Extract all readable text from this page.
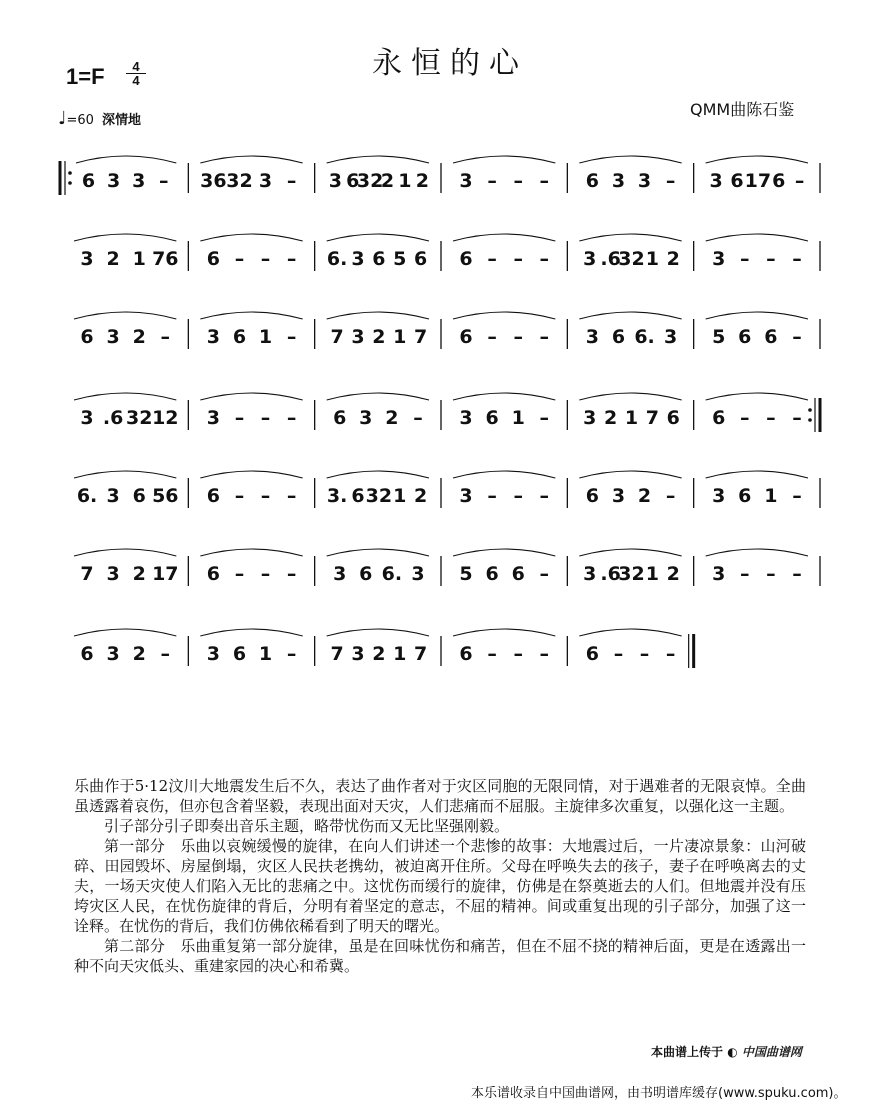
永恒的心
1=F	4
4
♩=60 深情地
QMM曲陈石鉴
6 3 3 – 36 32 3 – 3 6
32
2 1 2 3 – – – 6 3 3 – 3 6 17 6 –
3 2 1 76 6 – – – 6. 3 6 5 6 6 – – – 3 .6
32 1 2 3 – – –
6 3 2 – 3 6 1 – 7 3 2 1 7 6 – – – 3 6 6. 3 5 6 6 –
3 .6 32 12 3 – – – 6 3 2 – 3 6 1 – 3 2 1 7 6 6 – – –
6. 3 6 56 6 – – – 3. 6 32 1 2 3 – – – 6 3 2 – 3 6 1 –
7 3 2 17 6 – – – 3 6 6. 3 5 6 6 – 3 .6
32 1 2 3 – – –
6 3 2 – 3 6 1 – 7 3 2 1 7 6 – – – 6 – – –

乐曲作于5·12汶川大地震发生后不久，表达了曲作者对于灾区同胞的无限同情，对于遇难者的无限哀悼。全曲虽透露着哀伤，但亦包含着坚毅，表现出面对天灾，人们悲痛而不屈服。主旋律多次重复，以强化这一主题。

引子部分引子即奏出音乐主题，略带忧伤而又无比坚强刚毅。

第一部分　乐曲以哀婉缓慢的旋律，在向人们讲述一个悲惨的故事：大地震过后，一片凄凉景象：山河破碎、田园毁坏、房屋倒塌，灾区人民扶老携幼，被迫离开住所。父母在呼唤失去的孩子，妻子在呼唤离去的丈夫，一场天灾使人们陷入无比的悲痛之中。这忧伤而缓行的旋律，仿佛是在祭奠逝去的人们。但地震并没有压垮灾区人民，在忧伤旋律的背后，分明有着坚定的意志，不屈的精神。间或重复出现的引子部分，加强了这一诠释。在忧伤的背后，我们仿佛依稀看到了明天的曙光。

第二部分　乐曲重复第一部分旋律，虽是在回味忧伤和痛苦，但在不屈不挠的精神后面，更是在透露出一种不向天灾低头、重建家园的决心和希冀。

本曲谱上传于 ◐ 中国曲谱网
本乐谱收录自中国曲谱网，由书明谱库缓存(www.spuku.com)。
